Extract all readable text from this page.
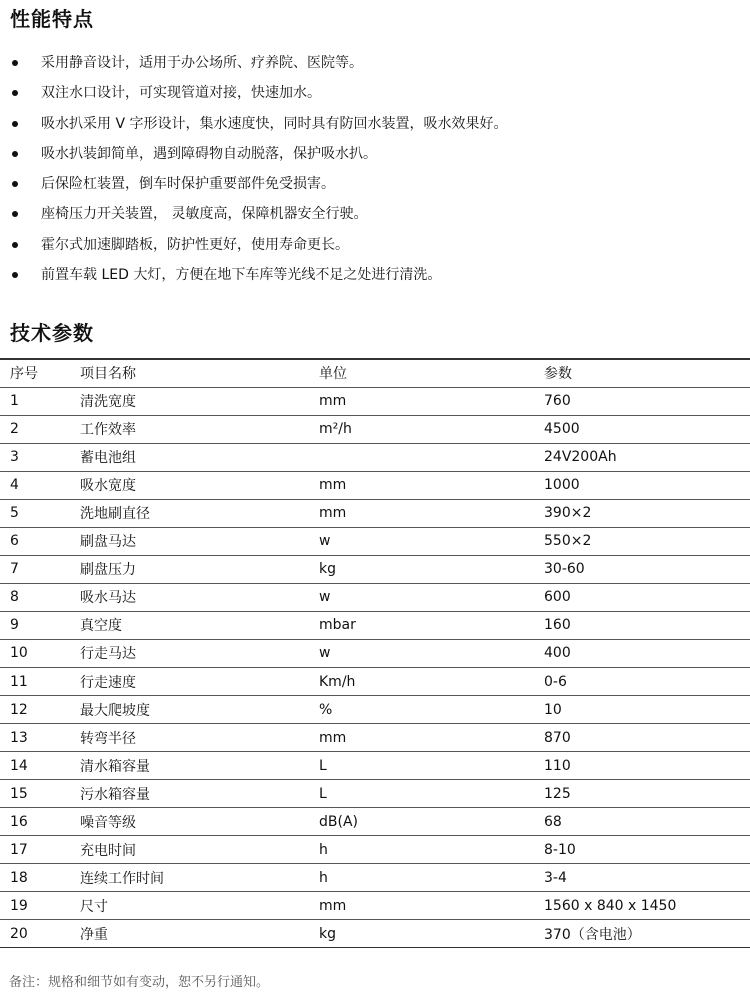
性能特点
采用静音设计，适用于办公场所、疗养院、医院等。
双注水口设计，可实现管道对接，快速加水。
吸水扒采用 V 字形设计，集水速度快，同时具有防回水装置，吸水效果好。
吸水扒装卸简单，遇到障碍物自动脱落，保护吸水扒。
后保险杠装置，倒车时保护重要部件免受损害。
座椅压力开关装置， 灵敏度高，保障机器安全行驶。
霍尔式加速脚踏板，防护性更好，使用寿命更长。
前置车载 LED 大灯，方便在地下车库等光线不足之处进行清洗。
技术参数
序号	项目名称	单位	参数
1	清洗宽度	mm	760
2	工作效率	m²/h	4500
3	蓄电池组		24V200Ah
4	吸水宽度	mm	1000
5	洗地刷直径	mm	390×2
6	刷盘马达	w	550×2
7	刷盘压力	kg	30-60
8	吸水马达	w	600
9	真空度	mbar	160
10	行走马达	w	400
11	行走速度	Km/h	0-6
12	最大爬坡度	%	10
13	转弯半径	mm	870
14	清水箱容量	L	110
15	污水箱容量	L	125
16	噪音等级	dB(A)	68
17	充电时间	h	8-10
18	连续工作时间	h	3-4
19	尺寸	mm	1560 x 840 x 1450
20	净重	kg	370（含电池）
备注：规格和细节如有变动，恕不另行通知。
